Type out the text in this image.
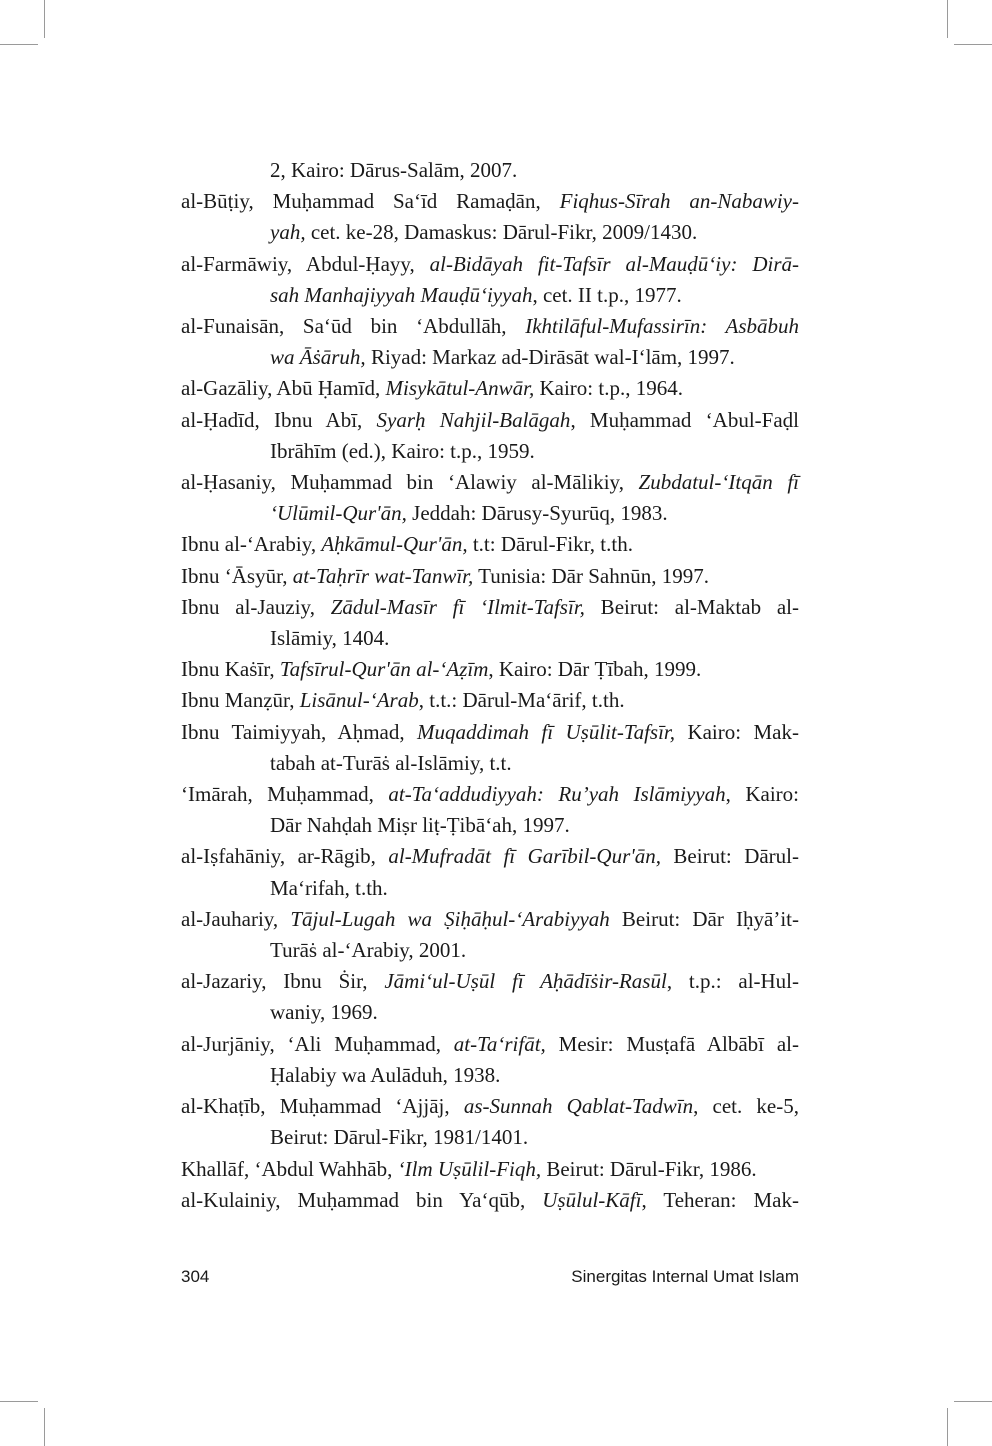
2, Kairo: Dārus-Salām, 2007.
al-Būṭiy, Muḥammad Sa‘īd Ramaḍān, Fiqhus-Sīrah an-Nabawiy-
yah, cet. ke-28, Damaskus: Dārul-Fikr, 2009/1430.
al-Farmāwiy, Abdul-Ḥayy, al-Bidāyah fit-Tafsīr al-Mauḍū‘iy: Dirā-
sah Manhajiyyah Mauḍū‘iyyah, cet. II t.p., 1977.
al-Funaisān, Sa‘ūd bin ‘Abdullāh, Ikhtilāful-Mufassirīn: Asbābuh
wa Āṡāruh, Riyad: Markaz ad-Dirāsāt wal-I‘lām, 1997.
al-Gazāliy, Abū Ḥamīd, Misykātul-Anwār, Kairo: t.p., 1964.
al-Ḥadīd, Ibnu Abī, Syarḥ Nahjil-Balāgah, Muḥammad ‘Abul-Faḍl
Ibrāhīm (ed.), Kairo: t.p., 1959.
al-Ḥasaniy, Muḥammad bin ‘Alawiy al-Mālikiy, Zubdatul-‘Itqān fī
‘Ulūmil-Qur'ān, Jeddah: Dārusy-Syurūq, 1983.
Ibnu al-‘Arabiy, Aḥkāmul-Qur'ān, t.t: Dārul-Fikr, t.th.
Ibnu ‘Āsyūr, at-Taḥrīr wat-Tanwīr, Tunisia: Dār Sahnūn, 1997.
Ibnu al-Jauziy, Zādul-Masīr fī ‘Ilmit-Tafsīr, Beirut: al-Maktab al-
Islāmiy, 1404.
Ibnu Kaṡīr, Tafsīrul-Qur'ān al-‘Aẓīm, Kairo: Dār Ṭībah, 1999.
Ibnu Manẓūr, Lisānul-‘Arab, t.t.: Dārul-Ma‘ārif, t.th.
Ibnu Taimiyyah, Aḥmad, Muqaddimah fī Uṣūlit-Tafsīr, Kairo: Mak-
tabah at-Turāṡ al-Islāmiy, t.t.
‘Imārah, Muḥammad, at-Ta‘addudiyyah: Ru’yah Islāmiyyah, Kairo:
Dār Nahḍah Miṣr liṭ-Ṭibā‘ah, 1997.
al-Iṣfahāniy, ar-Rāgib, al-Mufradāt fī Garībil-Qur'ān, Beirut: Dārul-
Ma‘rifah, t.th.
al-Jauhariy, Tājul-Lugah wa Ṣiḥāḥul-‘Arabiyyah Beirut: Dār Iḥyā’it-
Turāṡ al-‘Arabiy, 2001.
al-Jazariy, Ibnu Ṡir, Jāmi‘ul-Uṣūl fī Aḥādīṡir-Rasūl, t.p.: al-Hul-
waniy, 1969.
al-Jurjāniy, ‘Ali Muḥammad, at-Ta‘rifāt, Mesir: Musṭafā Albābī al-
Ḥalabiy wa Aulāduh, 1938.
al-Khaṭīb, Muḥammad ‘Ajjāj, as-Sunnah Qablat-Tadwīn, cet. ke-5,
Beirut: Dārul-Fikr, 1981/1401.
Khallāf, ‘Abdul Wahhāb, ‘Ilm Uṣūlil-Fiqh, Beirut: Dārul-Fikr, 1986.
al-Kulainiy, Muḥammad bin Ya‘qūb, Uṣūlul-Kāfī, Teheran: Mak-
304	Sinergitas Internal Umat Islam
